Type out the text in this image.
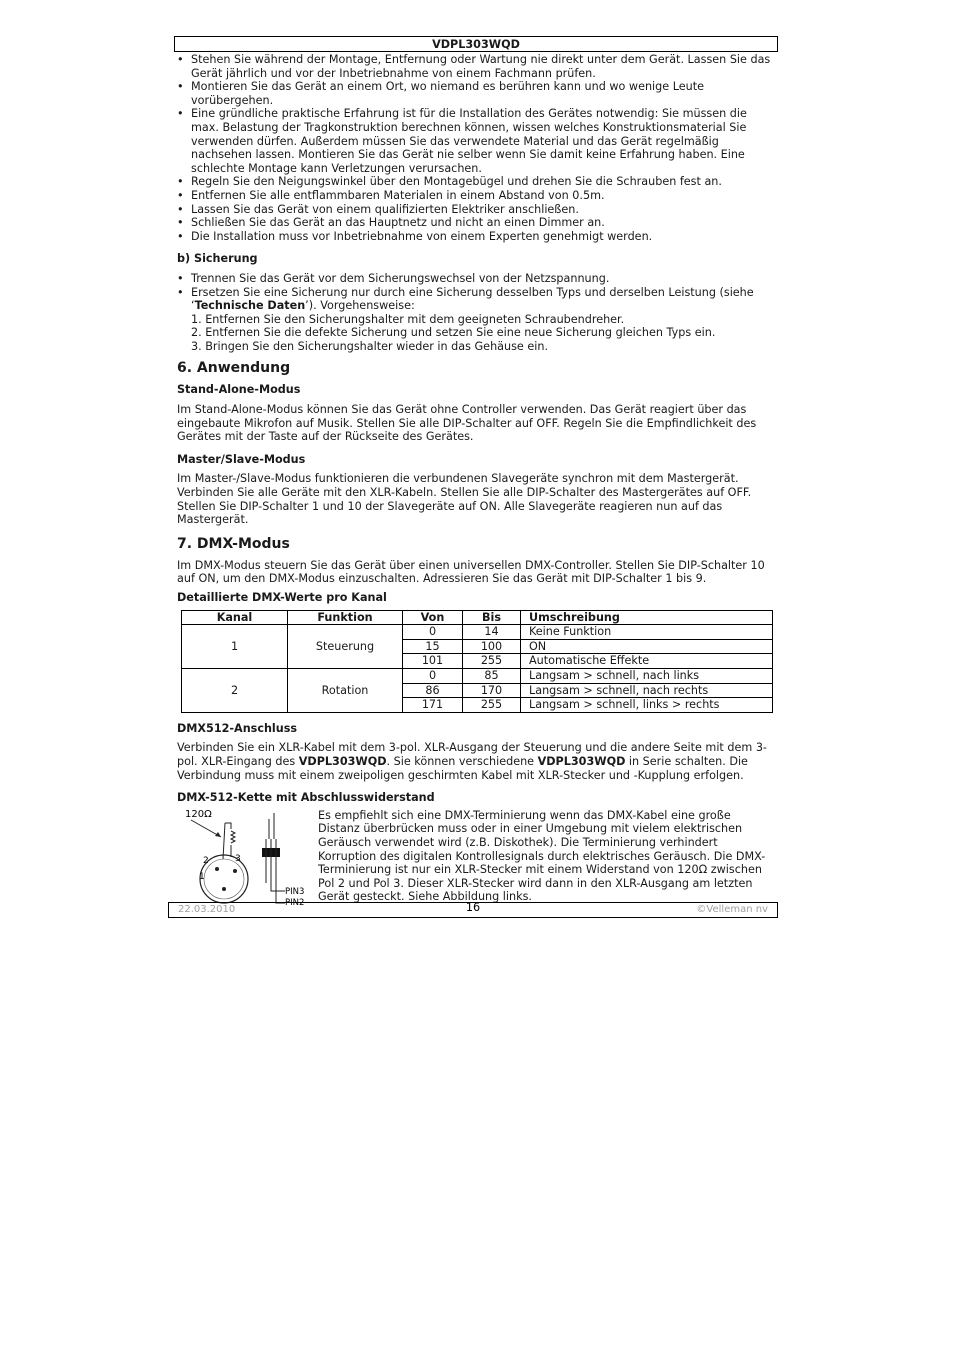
VDPL303WQD
• Stehen Sie während der Montage, Entfernung oder Wartung nie direkt unter dem Gerät. Lassen Sie das Gerät jährlich und vor der Inbetriebnahme von einem Fachmann prüfen.
• Montieren Sie das Gerät an einem Ort, wo niemand es berühren kann und wo wenige Leute vorübergehen.
• Eine gründliche praktische Erfahrung ist für die Installation des Gerätes notwendig: Sie müssen die max. Belastung der Tragkonstruktion berechnen können, wissen welches Konstruktionsmaterial Sie verwenden dürfen. Außerdem müssen Sie das verwendete Material und das Gerät regelmäßig nachsehen lassen. Montieren Sie das Gerät nie selber wenn Sie damit keine Erfahrung haben. Eine schlechte Montage kann Verletzungen verursachen.
• Regeln Sie den Neigungswinkel über den Montagebügel und drehen Sie die Schrauben fest an.
• Entfernen Sie alle entflammbaren Materialen in einem Abstand von 0.5m.
• Lassen Sie das Gerät von einem qualifizierten Elektriker anschließen.
• Schließen Sie das Gerät an das Hauptnetz und nicht an einen Dimmer an.
• Die Installation muss vor Inbetriebnahme von einem Experten genehmigt werden.
b) Sicherung
• Trennen Sie das Gerät vor dem Sicherungswechsel von der Netzspannung.
• Ersetzen Sie eine Sicherung nur durch eine Sicherung desselben Typs und derselben Leistung (siehe ‘Technische Daten’). Vorgehensweise:
1. Entfernen Sie den Sicherungshalter mit dem geeigneten Schraubendreher.
2. Entfernen Sie die defekte Sicherung und setzen Sie eine neue Sicherung gleichen Typs ein.
3. Bringen Sie den Sicherungshalter wieder in das Gehäuse ein.
6. Anwendung
Stand-Alone-Modus

Im Stand-Alone-Modus können Sie das Gerät ohne Controller verwenden. Das Gerät reagiert über das eingebaute Mikrofon auf Musik. Stellen Sie alle DIP-Schalter auf OFF. Regeln Sie die Empfindlichkeit des Gerätes mit der Taste auf der Rückseite des Gerätes.

Master/Slave-Modus

Im Master-/Slave-Modus funktionieren die verbundenen Slavegeräte synchron mit dem Mastergerät. Verbinden Sie alle Geräte mit den XLR-Kabeln. Stellen Sie alle DIP-Schalter des Mastergerätes auf OFF. Stellen Sie DIP-Schalter 1 und 10 der Slavegeräte auf ON. Alle Slavegeräte reagieren nun auf das Mastergerät.

7. DMX-Modus

Im DMX-Modus steuern Sie das Gerät über einen universellen DMX-Controller. Stellen Sie DIP-Schalter 10 auf ON, um den DMX-Modus einzuschalten. Adressieren Sie das Gerät mit DIP-Schalter 1 bis 9.

Detaillierte DMX-Werte pro Kanal
Kanal	Funktion	Von	Bis	Umschreibung
1	Steuerung	0	14	Keine Funktion
		15	100	ON
		101	255	Automatische Effekte
2	Rotation	0	85	Langsam > schnell, nach links
		86	170	Langsam > schnell, nach rechts
		171	255	Langsam > schnell, links > rechts
DMX512-Anschluss

Verbinden Sie ein XLR-Kabel mit dem 3-pol. XLR-Ausgang der Steuerung und die andere Seite mit dem 3-pol. XLR-Eingang des VDPL303WQD. Sie können verschiedene VDPL303WQD in Serie schalten. Die Verbindung muss mit einem zweipoligen geschirmten Kabel mit XLR-Stecker und -Kupplung erfolgen.

DMX-512-Kette mit Abschlusswiderstand
120Ω
2
1
3
PIN3
PIN2

Es empfiehlt sich eine DMX-Terminierung wenn das DMX-Kabel eine große Distanz überbrücken muss oder in einer Umgebung mit vielem elektrischen Geräusch verwendet wird (z.B. Diskothek). Die Terminierung verhindert Korruption des digitalen Kontrollesignals durch elektrisches Geräusch. Die DMX-Terminierung ist nur ein XLR-Stecker mit einem Widerstand von 120Ω zwischen Pol 2 und Pol 3. Dieser XLR-Stecker wird dann in den XLR-Ausgang am letzten Gerät gesteckt. Siehe Abbildung links.

22.03.2010	16	©Velleman nv
